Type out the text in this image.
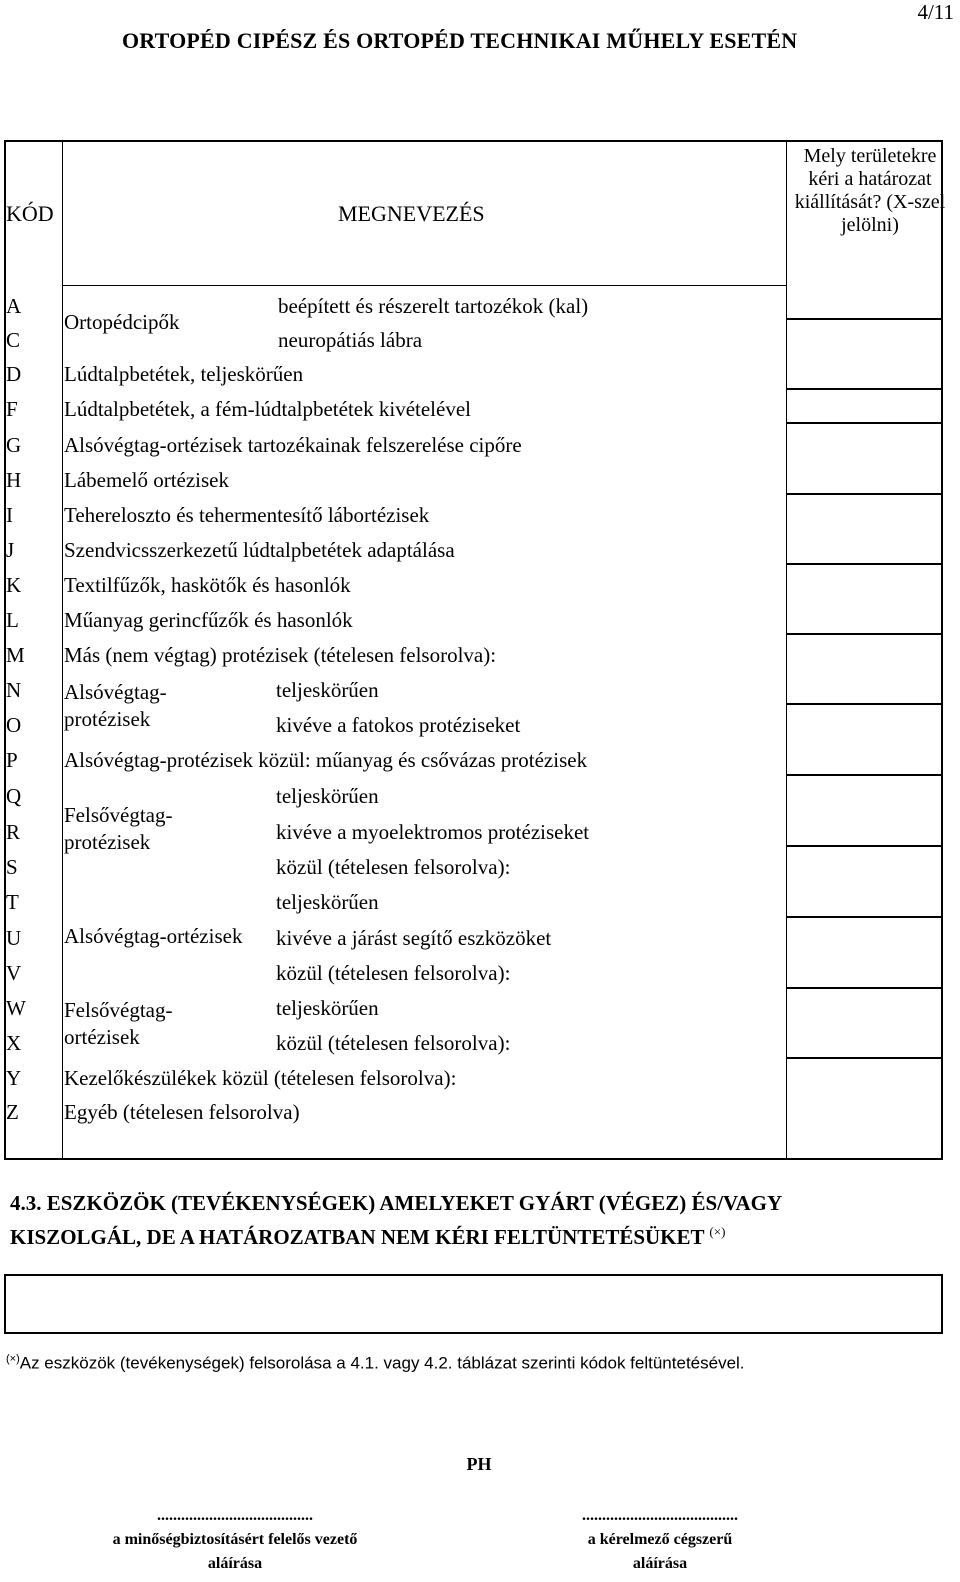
4/11
ORTOPÉD CIPÉSZ ÉS ORTOPÉD TECHNIKAI MŰHELY ESETÉN
KÓD	MEGNEVEZÉS
Mely területekre kéri a határozat kiállítását? (X-szel jelölni)
A
C
D
F
G
H
I
J
K
L
M
N
O
P
Q
R
S
T
U
V
W
X
Y
Z
Ortopédcipők
beépített és részerelt tartozékok (kal)
neuropátiás lábra
Lúdtalpbetétek, teljeskörűen
Lúdtalpbetétek, a fém-lúdtalpbetétek kivételével
Alsóvégtag-ortézisek tartozékainak felszerelése cipőre
Lábemelő ortézisek
Tehereloszto és tehermentesítő lábortézisek
Szendvicsszerkezetű lúdtalpbetétek adaptálása
Textilfűzők, haskötők és hasonlók
Műanyag gerincfűzők és hasonlók
Más (nem végtag) protézisek (tételesen felsorolva):
Alsóvégtag-
protézisek
teljeskörűen
kivéve a fatokos protéziseket
Alsóvégtag-protézisek közül: műanyag és csővázas protézisek
Felsővégtag-
protézisek
teljeskörűen
kivéve a myoelektromos protéziseket
közül (tételesen felsorolva):
Alsóvégtag-ortézisek
teljeskörűen
kivéve a járást segítő eszközöket
közül (tételesen felsorolva):
Felsővégtag-
ortézisek
teljeskörűen
közül (tételesen felsorolva):
Kezelőkészülékek közül (tételesen felsorolva):
Egyéb (tételesen felsorolva)
4.3. ESZKÖZÖK (TEVÉKENYSÉGEK) AMELYEKET GYÁRT (VÉGEZ) ÉS/VAGY
KISZOLGÁL, DE A HATÁROZATBAN NEM KÉRI FELTÜNTETÉSÜKET (×)
(×)Az eszközök (tevékenységek) felsorolása a 4.1. vagy 4.2. táblázat szerinti kódok feltüntetésével.
PH
.......................................
a minőségbiztosításért felelős vezető
aláírása
.......................................
a kérelmező cégszerű
aláírása
